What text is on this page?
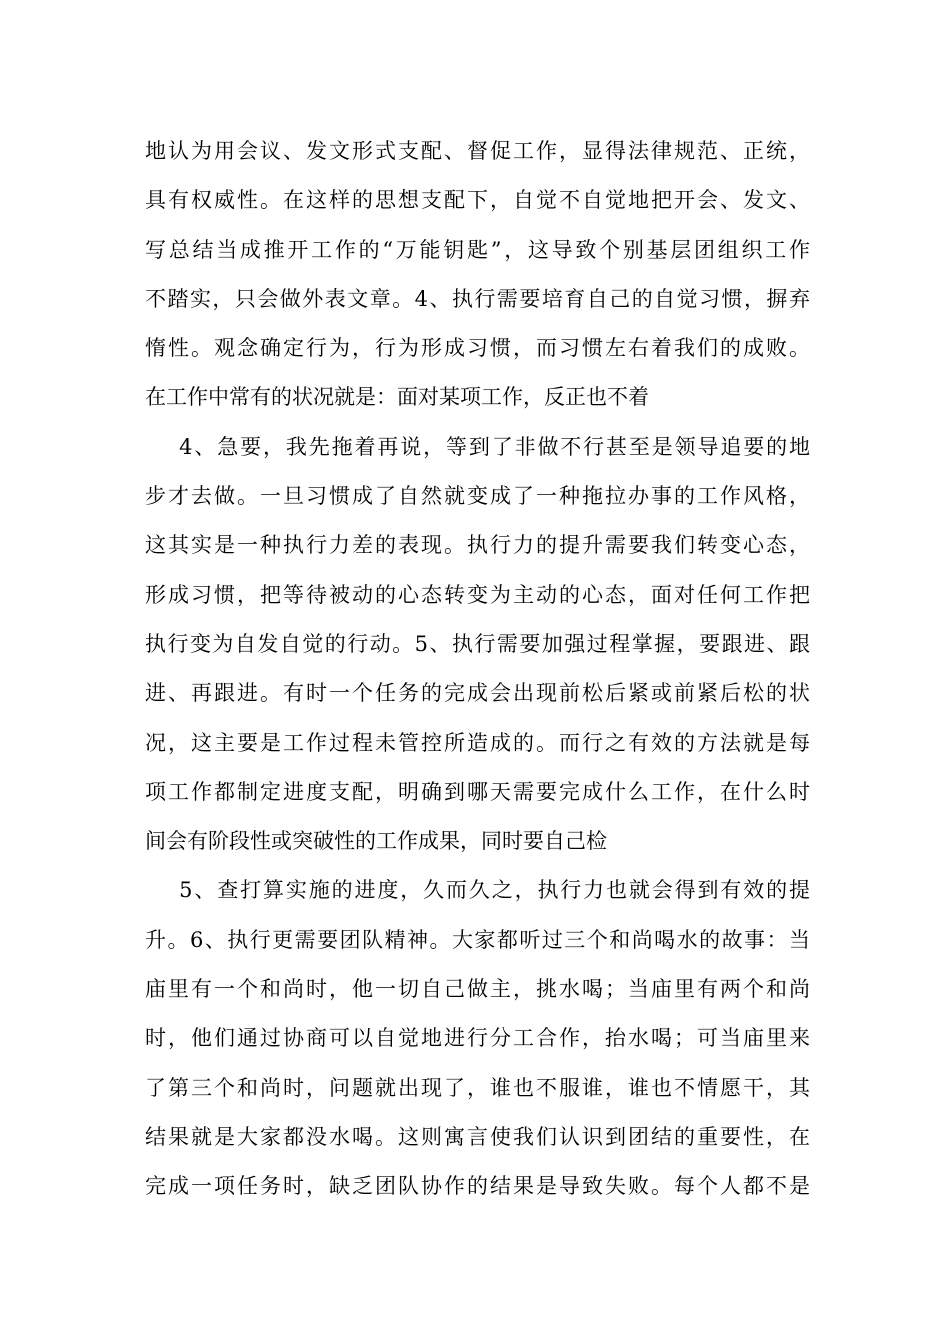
地认为用会议、发文形式支配、督促工作，显得法律规范、正统，
具有权威性。在这样的思想支配下，自觉不自觉地把开会、发文、
写总结当成推开工作的“万能钥匙”，这导致个别基层团组织工作
不踏实，只会做外表文章。4、执行需要培育自己的自觉习惯，摒弃
惰性。观念确定行为，行为形成习惯，而习惯左右着我们的成败。
在工作中常有的状况就是：面对某项工作，反正也不着
4、急要，我先拖着再说，等到了非做不行甚至是领导追要的地
步才去做。一旦习惯成了自然就变成了一种拖拉办事的工作风格，
这其实是一种执行力差的表现。执行力的提升需要我们转变心态，
形成习惯，把等待被动的心态转变为主动的心态，面对任何工作把
执行变为自发自觉的行动。5、执行需要加强过程掌握，要跟进、跟
进、再跟进。有时一个任务的完成会出现前松后紧或前紧后松的状
况，这主要是工作过程未管控所造成的。而行之有效的方法就是每
项工作都制定进度支配，明确到哪天需要完成什么工作，在什么时
间会有阶段性或突破性的工作成果，同时要自己检
5、查打算实施的进度，久而久之，执行力也就会得到有效的提
升。6、执行更需要团队精神。大家都听过三个和尚喝水的故事：当
庙里有一个和尚时，他一切自己做主，挑水喝；当庙里有两个和尚
时，他们通过协商可以自觉地进行分工合作，抬水喝；可当庙里来
了第三个和尚时，问题就出现了，谁也不服谁，谁也不情愿干，其
结果就是大家都没水喝。这则寓言使我们认识到团结的重要性，在
完成一项任务时，缺乏团队协作的结果是导致失败。每个人都不是
